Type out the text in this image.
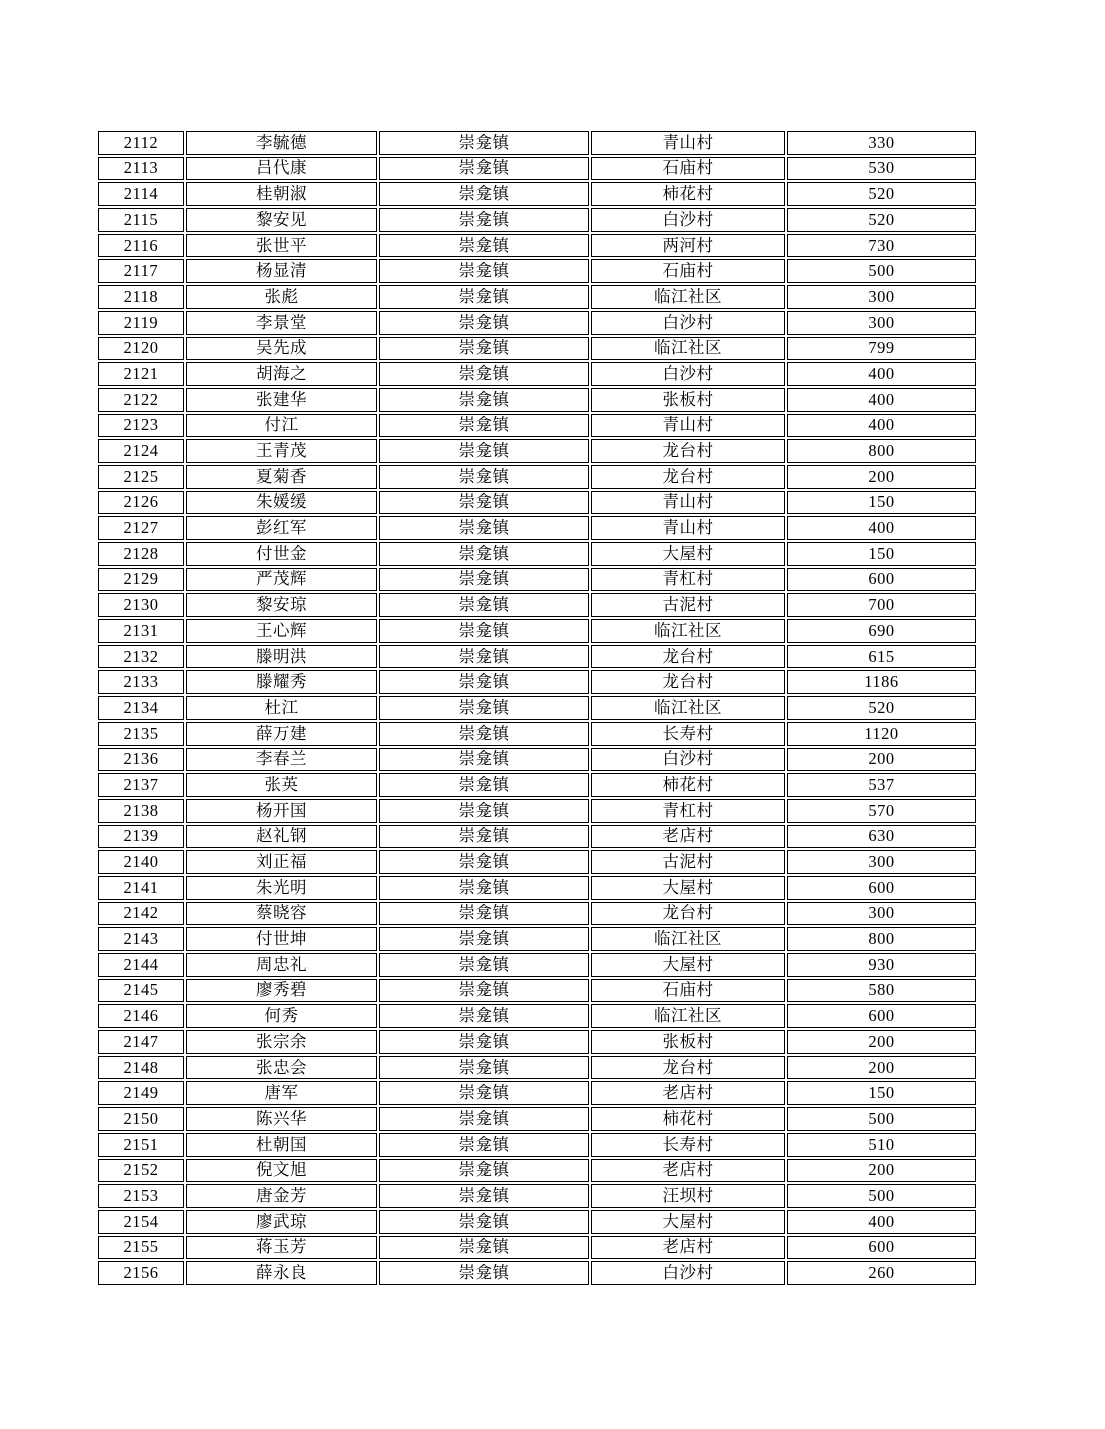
2112	李毓德	崇龛镇	青山村	330
2113	吕代康	崇龛镇	石庙村	530
2114	桂朝淑	崇龛镇	柿花村	520
2115	黎安见	崇龛镇	白沙村	520
2116	张世平	崇龛镇	两河村	730
2117	杨显清	崇龛镇	石庙村	500
2118	张彪	崇龛镇	临江社区	300
2119	李景堂	崇龛镇	白沙村	300
2120	吴先成	崇龛镇	临江社区	799
2121	胡海之	崇龛镇	白沙村	400
2122	张建华	崇龛镇	张板村	400
2123	付江	崇龛镇	青山村	400
2124	王青茂	崇龛镇	龙台村	800
2125	夏菊香	崇龛镇	龙台村	200
2126	朱媛缓	崇龛镇	青山村	150
2127	彭红军	崇龛镇	青山村	400
2128	付世金	崇龛镇	大屋村	150
2129	严茂辉	崇龛镇	青杠村	600
2130	黎安琼	崇龛镇	古泥村	700
2131	王心辉	崇龛镇	临江社区	690
2132	滕明洪	崇龛镇	龙台村	615
2133	滕耀秀	崇龛镇	龙台村	1186
2134	杜江	崇龛镇	临江社区	520
2135	薛万建	崇龛镇	长寿村	1120
2136	李春兰	崇龛镇	白沙村	200
2137	张英	崇龛镇	柿花村	537
2138	杨开国	崇龛镇	青杠村	570
2139	赵礼钢	崇龛镇	老店村	630
2140	刘正福	崇龛镇	古泥村	300
2141	朱光明	崇龛镇	大屋村	600
2142	蔡晓容	崇龛镇	龙台村	300
2143	付世坤	崇龛镇	临江社区	800
2144	周忠礼	崇龛镇	大屋村	930
2145	廖秀碧	崇龛镇	石庙村	580
2146	何秀	崇龛镇	临江社区	600
2147	张宗余	崇龛镇	张板村	200
2148	张忠会	崇龛镇	龙台村	200
2149	唐军	崇龛镇	老店村	150
2150	陈兴华	崇龛镇	柿花村	500
2151	杜朝国	崇龛镇	长寿村	510
2152	倪文旭	崇龛镇	老店村	200
2153	唐金芳	崇龛镇	汪坝村	500
2154	廖武琼	崇龛镇	大屋村	400
2155	蒋玉芳	崇龛镇	老店村	600
2156	薛永良	崇龛镇	白沙村	260
